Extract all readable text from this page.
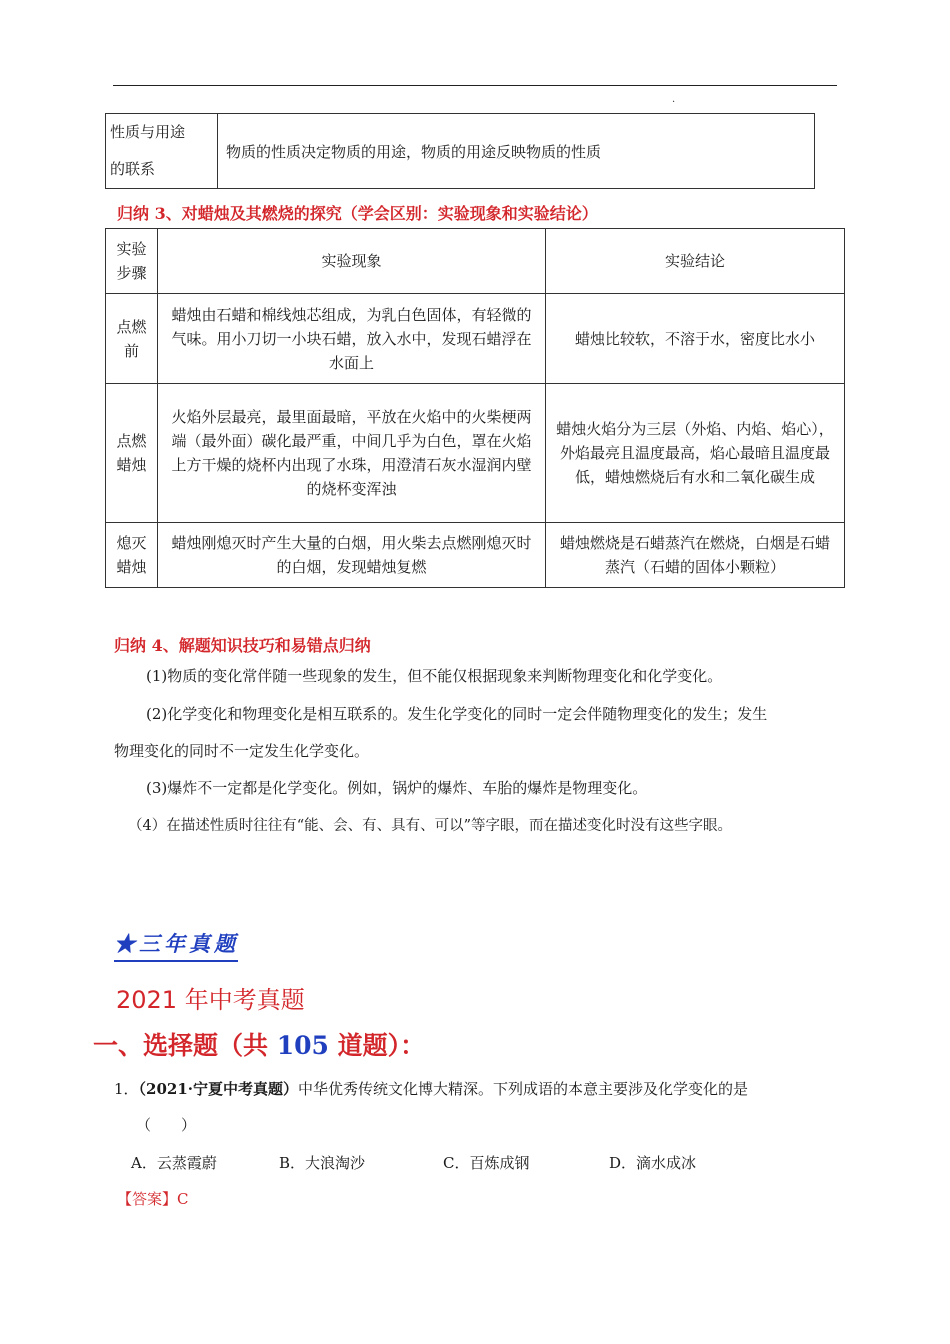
.
性质与用途
的联系
	物质的性质决定物质的用途，物质的用途反映物质的性质
归纳 3、对蜡烛及其燃烧的探究（学会区别：实验现象和实验结论）
实验
步骤	实验现象	实验结论

点燃
前	蜡烛由石蜡和棉线烛芯组成，为乳白色固体，有轻微的气味。用小刀切一小块石蜡，放入水中，发现石蜡浮在水面上	蜡烛比较软，不溶于水，密度比水小

点燃
蜡烛	火焰外层最亮，最里面最暗，平放在火焰中的火柴梗两端（最外面）碳化最严重，中间几乎为白色，罩在火焰上方干燥的烧杯内出现了水珠，用澄清石灰水湿润内壁的烧杯变浑浊	蜡烛火焰分为三层（外焰、内焰、焰心），外焰最亮且温度最高，焰心最暗且温度最低，蜡烛燃烧后有水和二氧化碳生成

熄灭
蜡烛	蜡烛刚熄灭时产生大量的白烟，用火柴去点燃刚熄灭时的白烟，发现蜡烛复燃	蜡烛燃烧是石蜡蒸汽在燃烧，白烟是石蜡蒸汽（石蜡的固体小颗粒）
归纳 4、解题知识技巧和易错点归纳
(1)物质的变化常伴随一些现象的发生，但不能仅根据现象来判断物理变化和化学变化。
(2)化学变化和物理变化是相互联系的。发生化学变化的同时一定会伴随物理变化的发生；发生
物理变化的同时不一定发生化学变化。
(3)爆炸不一定都是化学变化。例如，锅炉的爆炸、车胎的爆炸是物理变化。
（4）在描述性质时往往有“能、会、有、具有、可以”等字眼，而在描述变化时没有这些字眼。
★三年真题
2021 年中考真题
一、选择题（共 105 道题）：
1．（2021·宁夏中考真题）中华优秀传统文化博大精深。下列成语的本意主要涉及化学变化的是
（　　）
A．云蒸霞蔚	B．大浪淘沙	C．百炼成钢	D．滴水成冰
【答案】C
